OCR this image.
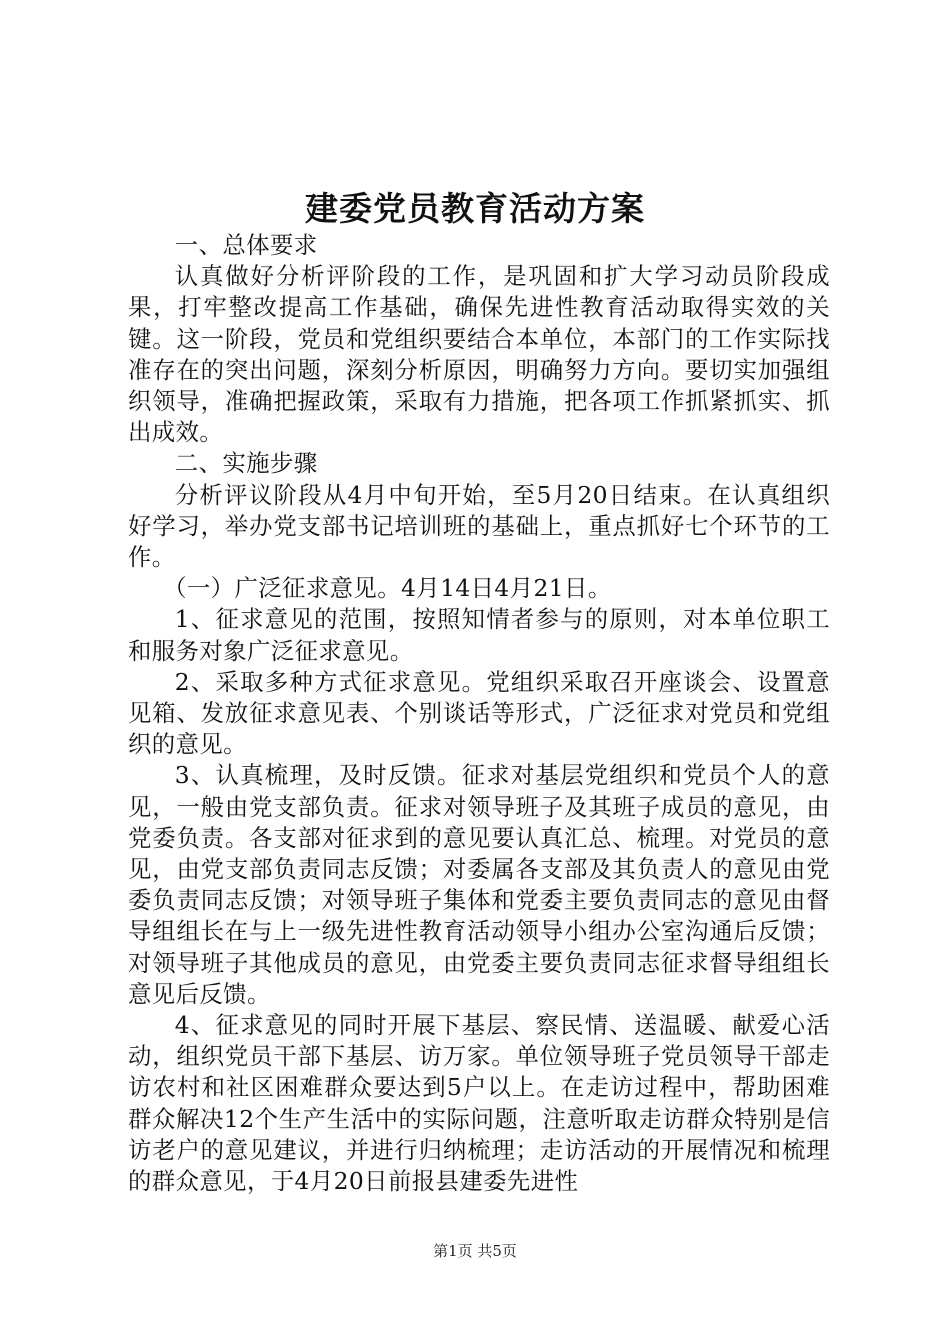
建委党员教育活动方案

一、总体要求

认真做好分析评阶段的工作，是巩固和扩大学习动员阶段成果，打牢整改提高工作基础，确保先进性教育活动取得实效的关键。这一阶段，党员和党组织要结合本单位，本部门的工作实际找准存在的突出问题，深刻分析原因，明确努力方向。要切实加强组织领导，准确把握政策，采取有力措施，把各项工作抓紧抓实、抓出成效。

二、实施步骤

分析评议阶段从4月中旬开始，至5月20日结束。在认真组织好学习，举办党支部书记培训班的基础上，重点抓好七个环节的工作。

（一）广泛征求意见。4月14日4月21日。

1、征求意见的范围，按照知情者参与的原则，对本单位职工和服务对象广泛征求意见。

2、采取多种方式征求意见。党组织采取召开座谈会、设置意见箱、发放征求意见表、个别谈话等形式，广泛征求对党员和党组织的意见。

3、认真梳理，及时反馈。征求对基层党组织和党员个人的意见，一般由党支部负责。征求对领导班子及其班子成员的意见，由党委负责。各支部对征求到的意见要认真汇总、梳理。对党员的意见，由党支部负责同志反馈；对委属各支部及其负责人的意见由党委负责同志反馈；对领导班子集体和党委主要负责同志的意见由督导组组长在与上一级先进性教育活动领导小组办公室沟通后反馈；对领导班子其他成员的意见，由党委主要负责同志征求督导组组长意见后反馈。

4、征求意见的同时开展下基层、察民情、送温暖、献爱心活动，组织党员干部下基层、访万家。单位领导班子党员领导干部走访农村和社区困难群众要达到5户以上。在走访过程中，帮助困难群众解决12个生产生活中的实际问题，注意听取走访群众特别是信访老户的意见建议，并进行归纳梳理；走访活动的开展情况和梳理的群众意见，于4月20日前报县建委先进性

第1页 共5页
